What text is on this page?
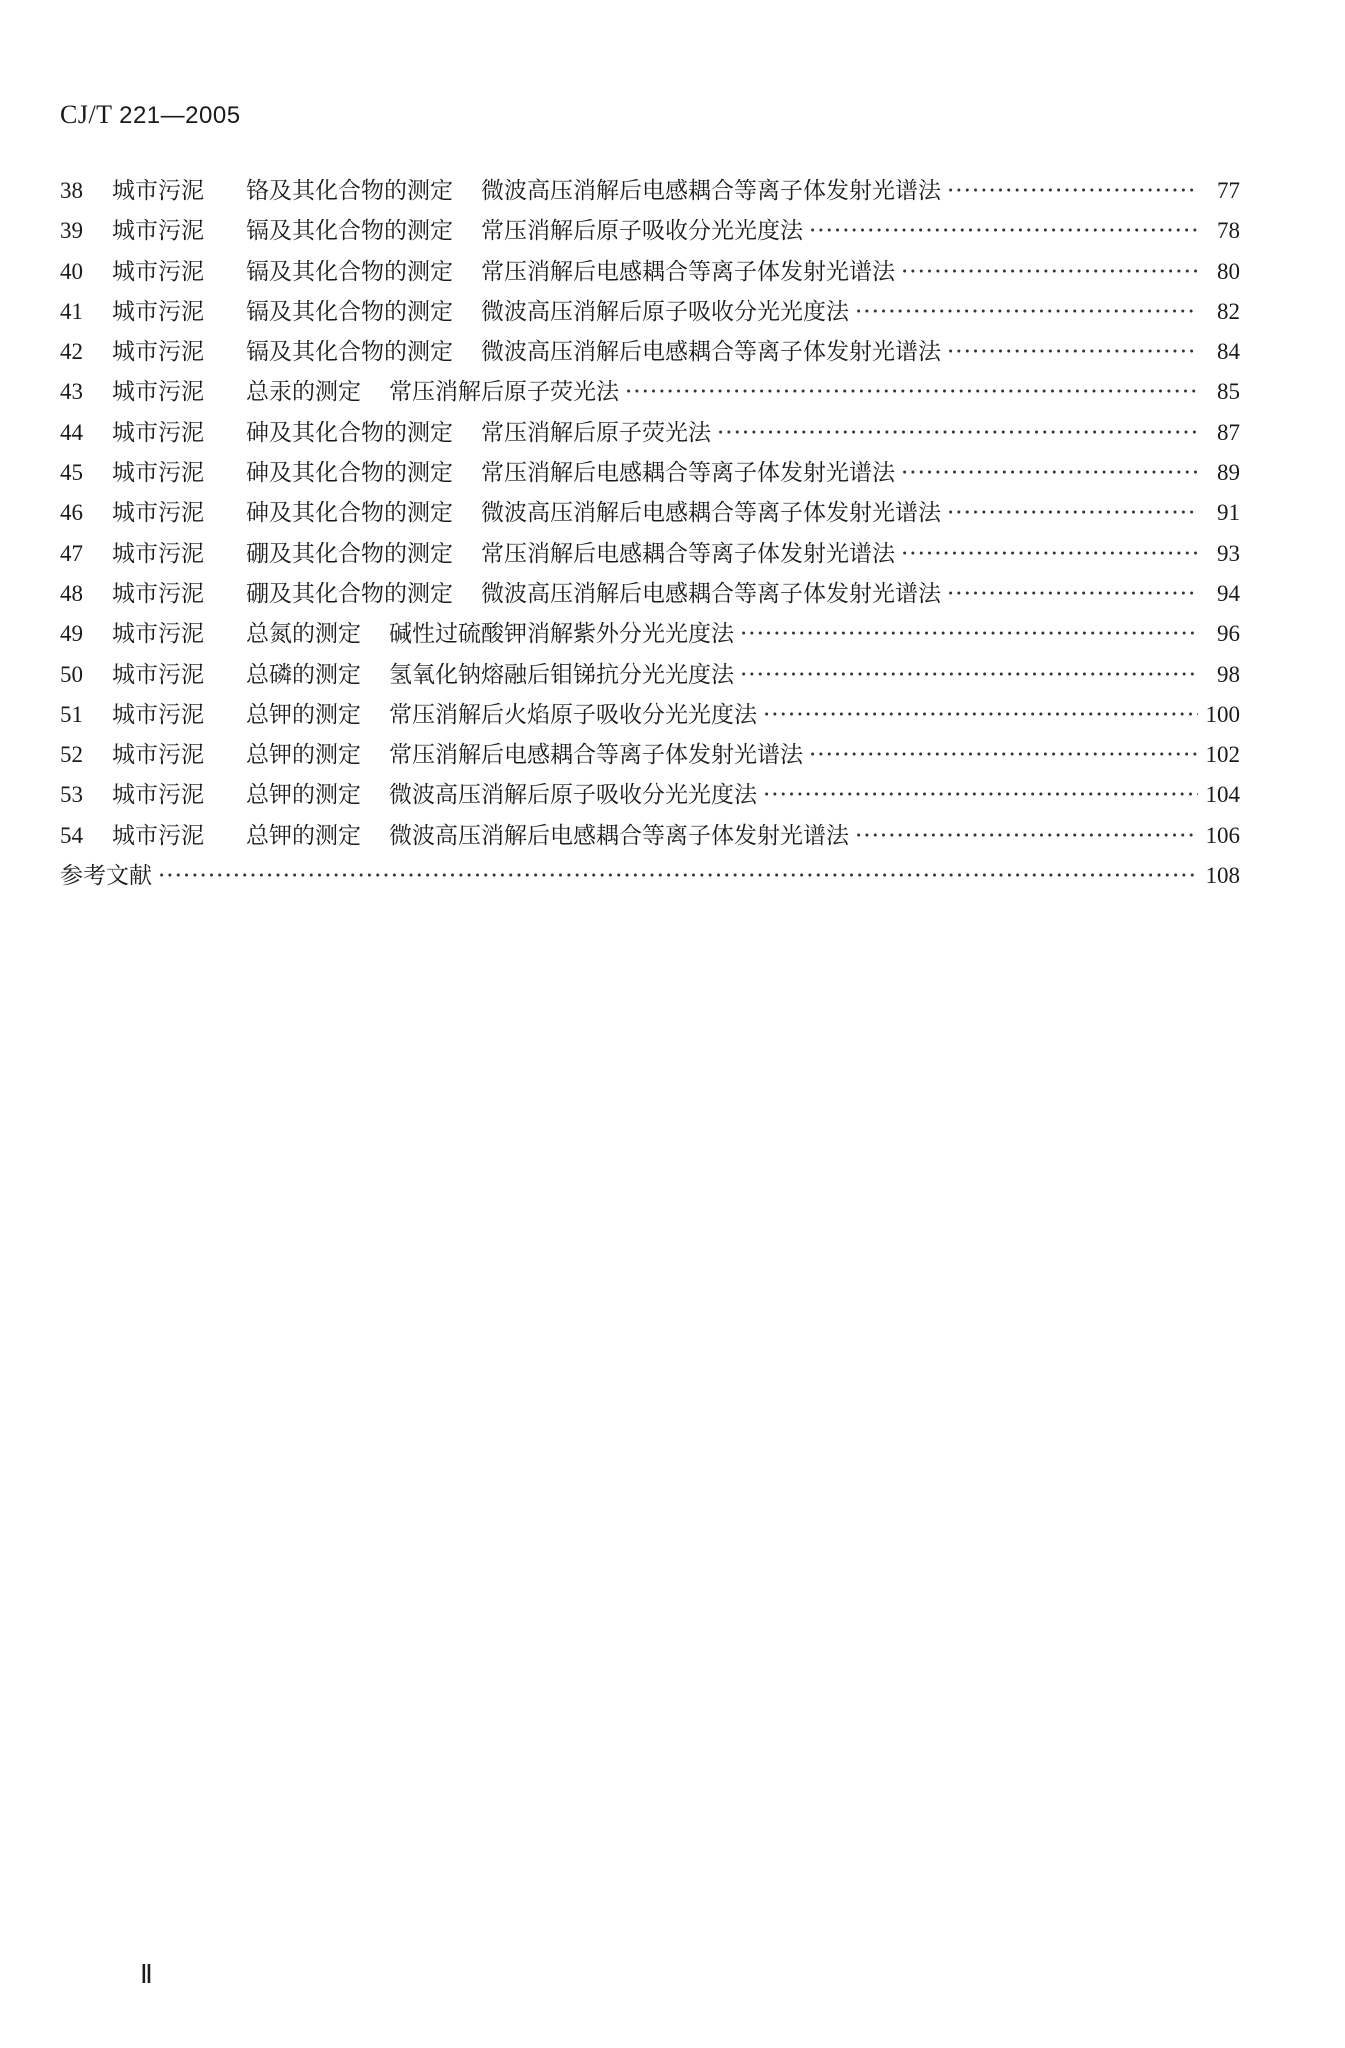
CJ/T 221—2005
38	城市污泥	铬及其化合物的测定	微波高压消解后电感耦合等离子体发射光谱法 ·····	77
39	城市污泥	镉及其化合物的测定	常压消解后原子吸收分光光度法 ·····	78
40	城市污泥	镉及其化合物的测定	常压消解后电感耦合等离子体发射光谱法 ·····	80
41	城市污泥	镉及其化合物的测定	微波高压消解后原子吸收分光光度法 ·····	82
42	城市污泥	镉及其化合物的测定	微波高压消解后电感耦合等离子体发射光谱法 ·····	84
43	城市污泥	总汞的测定	常压消解后原子荧光法 ·····	85
44	城市污泥	砷及其化合物的测定	常压消解后原子荧光法 ·····	87
45	城市污泥	砷及其化合物的测定	常压消解后电感耦合等离子体发射光谱法 ·····	89
46	城市污泥	砷及其化合物的测定	微波高压消解后电感耦合等离子体发射光谱法 ·····	91
47	城市污泥	硼及其化合物的测定	常压消解后电感耦合等离子体发射光谱法 ·····	93
48	城市污泥	硼及其化合物的测定	微波高压消解后电感耦合等离子体发射光谱法 ·····	94
49	城市污泥	总氮的测定	碱性过硫酸钾消解紫外分光光度法 ·····	96
50	城市污泥	总磷的测定	氢氧化钠熔融后钼锑抗分光光度法 ·····	98
51	城市污泥	总钾的测定	常压消解后火焰原子吸收分光光度法 ·····	100
52	城市污泥	总钾的测定	常压消解后电感耦合等离子体发射光谱法 ·····	102
53	城市污泥	总钾的测定	微波高压消解后原子吸收分光光度法 ·····	104
54	城市污泥	总钾的测定	微波高压消解后电感耦合等离子体发射光谱法 ·····	106
参考文献 ·····	108
Ⅱ
